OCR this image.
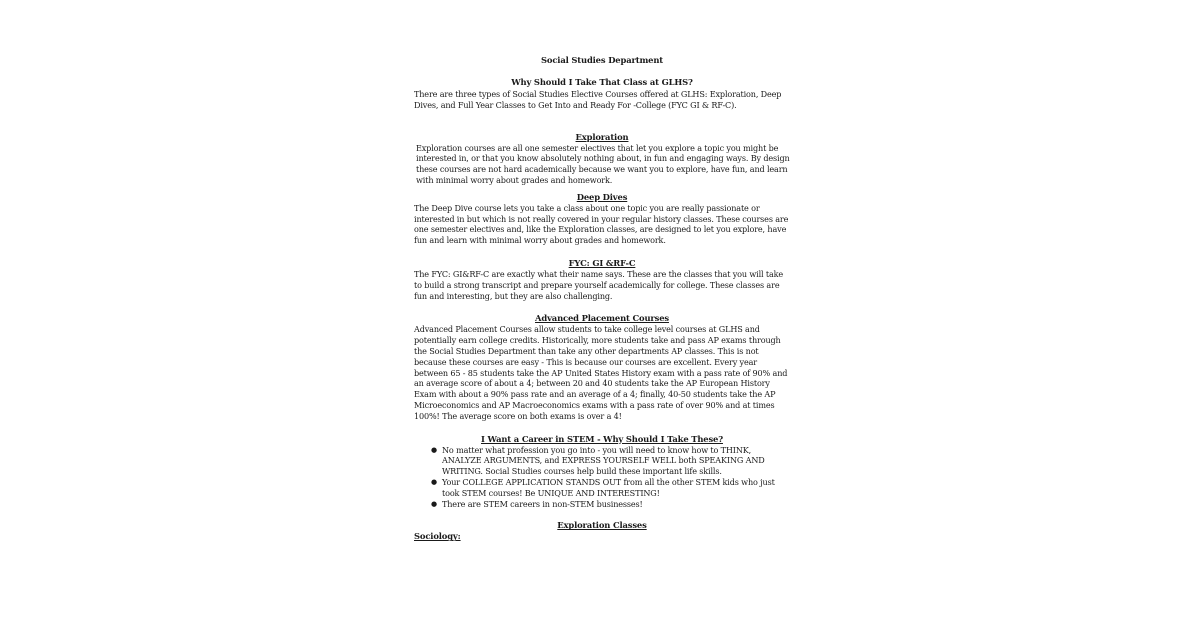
Social Studies Department

Why Should I Take That Class at GLHS?

There are three types of Social Studies Elective Courses offered at GLHS: Exploration, Deep Dives, and Full Year Classes to Get Into and Ready For -College (FYC GI & RF-C).

Exploration

Exploration courses are all one semester electives that let you explore a topic you might be interested in, or that you know absolutely nothing about, in fun and engaging ways. By design these courses are not hard academically because we want you to explore, have fun, and learn with minimal worry about grades and homework.

Deep Dives

The Deep Dive course lets you take a class about one topic you are really passionate or interested in but which is not really covered in your regular history classes. These courses are one semester electives and, like the Exploration classes, are designed to let you explore, have fun and learn with minimal worry about grades and homework.

FYC: GI &RF-C

The FYC: GI&RF-C are exactly what their name says. These are the classes that you will take to build a strong transcript and prepare yourself academically for college. These classes are fun and interesting, but they are also challenging.

Advanced Placement Courses

Advanced Placement Courses allow students to take college level courses at GLHS and potentially earn college credits. Historically, more students take and pass AP exams through the Social Studies Department than take any other departments AP classes. This is not because these courses are easy - This is because our courses are excellent. Every year between 65 - 85 students take the AP United States History exam with a pass rate of 90% and an average score of about a 4; between 20 and 40 students take the AP European History Exam with about a 90% pass rate and an average of a 4; finally, 40-50 students take the AP Microeconomics and AP Macroeconomics exams with a pass rate of over 90% and at times 100%! The average score on both exams is over a 4!

I Want a Career in STEM - Why Should I Take These?
● No matter what profession you go into - you will need to know how to THINK, ANALYZE ARGUMENTS, and EXPRESS YOURSELF WELL both SPEAKING AND WRITING. Social Studies courses help build these important life skills.
● Your COLLEGE APPLICATION STANDS OUT from all the other STEM kids who just took STEM courses! Be UNIQUE AND INTERESTING!
● There are STEM careers in non-STEM businesses!
Exploration Classes
Sociology:
